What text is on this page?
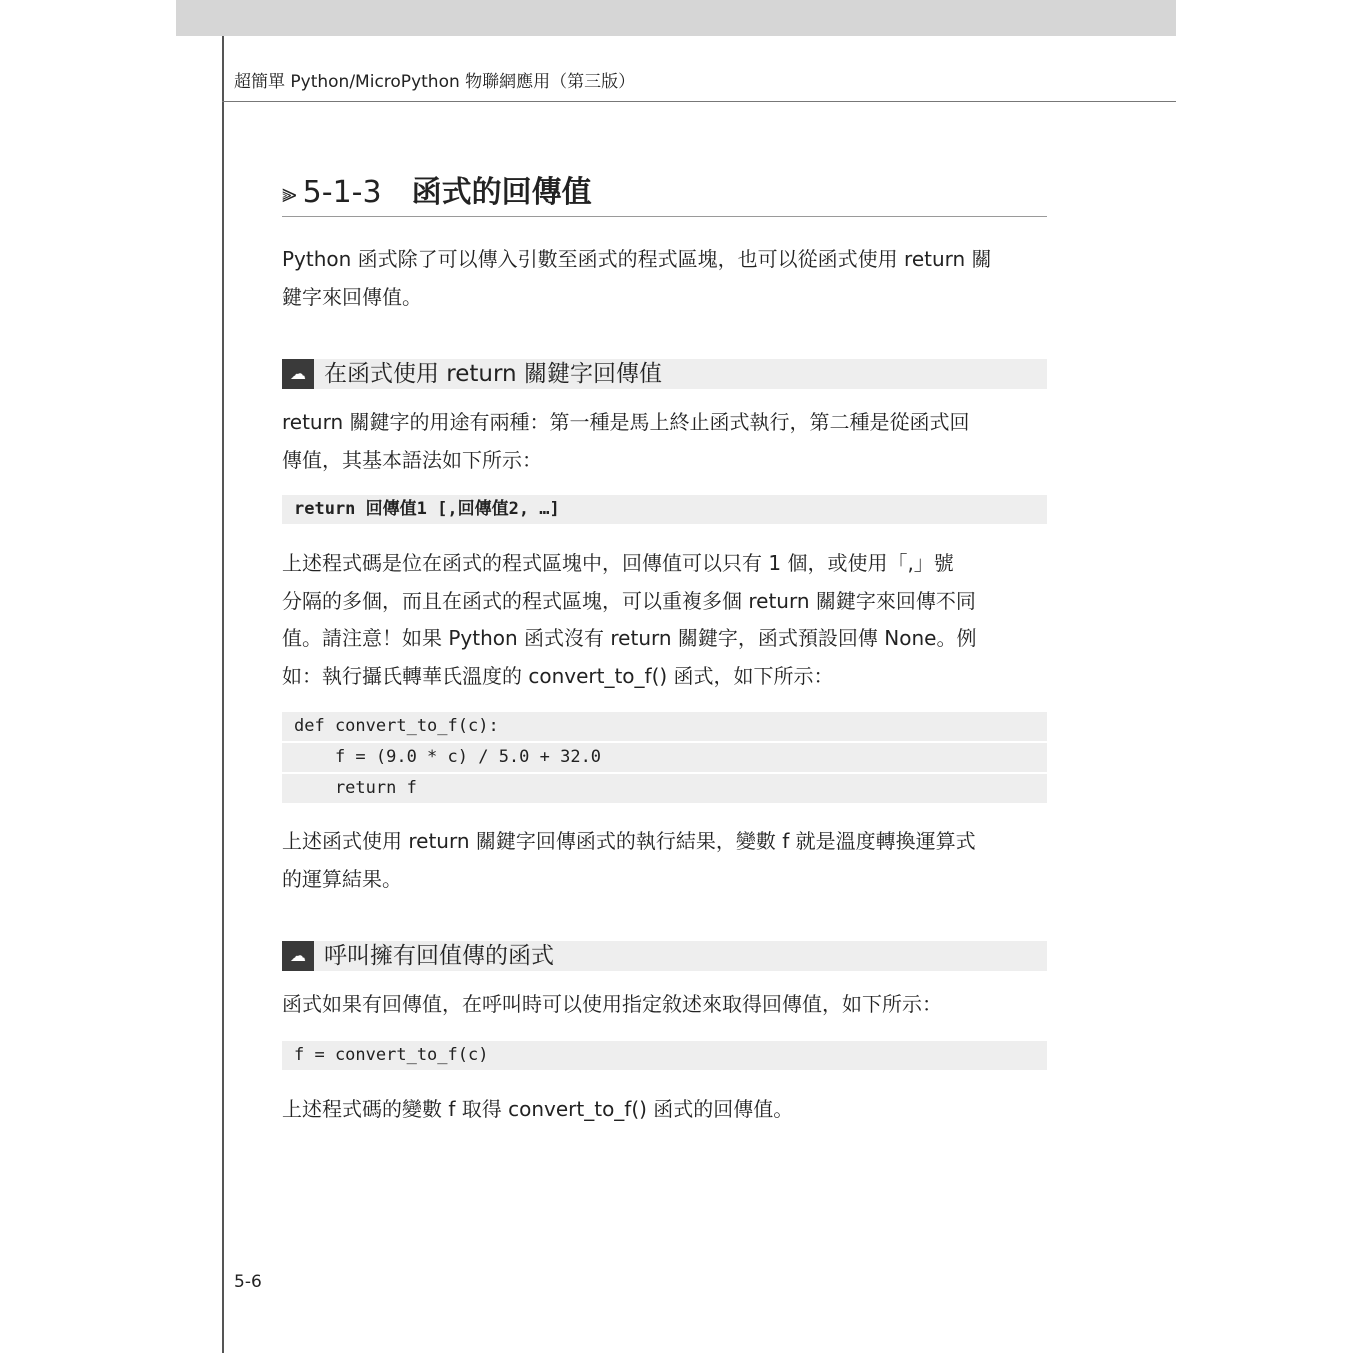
超簡單 Python/MicroPython 物聯網應用（第三版）
⫸ 5-1-3 函式的回傳值
Python 函式除了可以傳入引數至函式的程式區塊，也可以從函式使用 return 關
鍵字來回傳值。
☁ 在函式使用 return 關鍵字回傳值
return 關鍵字的用途有兩種：第一種是馬上終止函式執行，第二種是從函式回
傳值，其基本語法如下所示：
return 回傳值1 [,回傳值2, …]
上述程式碼是位在函式的程式區塊中，回傳值可以只有 1 個，或使用「,」號
分隔的多個，而且在函式的程式區塊，可以重複多個 return 關鍵字來回傳不同
值。請注意！如果 Python 函式沒有 return 關鍵字，函式預設回傳 None。例
如：執行攝氏轉華氏溫度的 convert_to_f() 函式，如下所示：
def convert_to_f(c):
f = (9.0 * c) / 5.0 + 32.0
return f
上述函式使用 return 關鍵字回傳函式的執行結果，變數 f 就是溫度轉換運算式
的運算結果。
☁ 呼叫擁有回值傳的函式
函式如果有回傳值，在呼叫時可以使用指定敘述來取得回傳值，如下所示：
f = convert_to_f(c)
上述程式碼的變數 f 取得 convert_to_f() 函式的回傳值。
5-6
